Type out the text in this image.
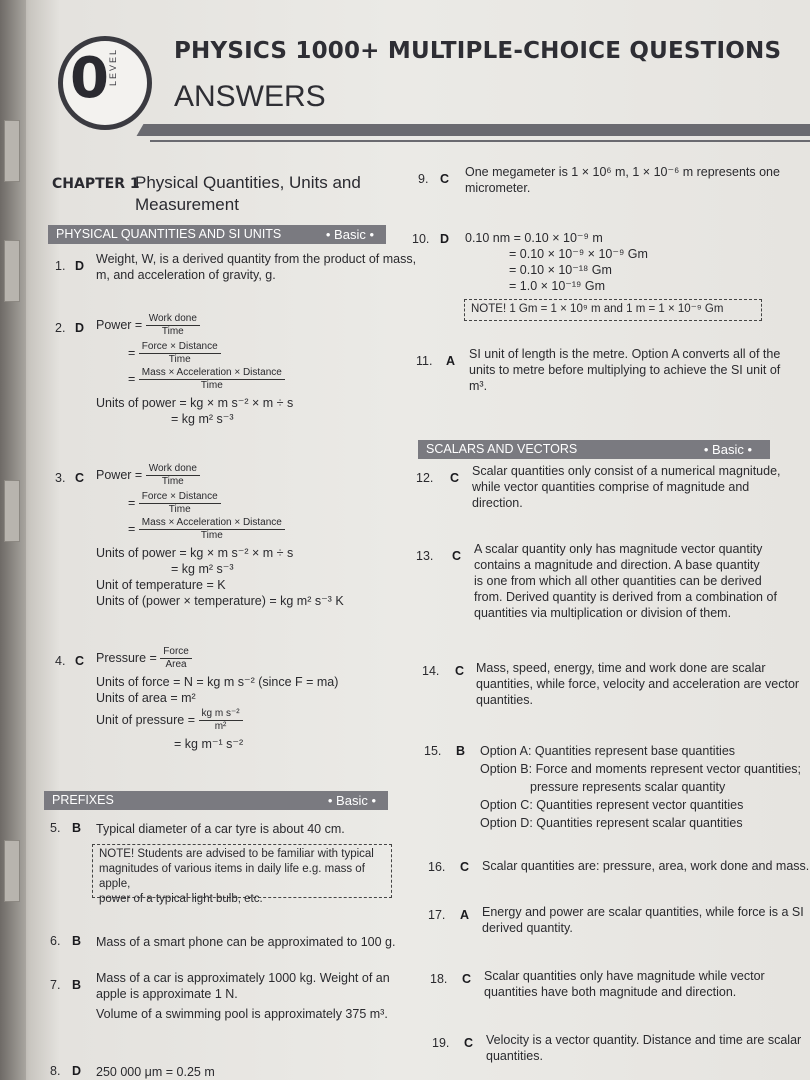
0 LEVEL PHYSICS 1000+ MULTIPLE-CHOICE QUESTIONS
ANSWERS
CHAPTER 1
Physical Quantities, Units and
Measurement
PHYSICAL QUANTITIES AND SI UNITS	• Basic •
1. D Weight, W, is a derived quantity from the product of mass,
m, and acceleration of gravity, g.
2. D Power = $\frac{\text{Work done}}{\text{Time}}$
= $\frac{\text{Force × Distance}}{\text{Time}}$
= $\frac{\text{Mass × Acceleration × Distance}}{\text{Time}}$
Units of power = kg × m s⁻² × m ÷ s
= kg m² s⁻³
3. C Power = $\frac{\text{Work done}}{\text{Time}}$
= $\frac{\text{Force × Distance}}{\text{Time}}$
= $\frac{\text{Mass × Acceleration × Distance}}{\text{Time}}$
Units of power = kg × m s⁻² × m ÷ s
= kg m² s⁻³
Unit of temperature = K
Units of (power × temperature) = kg m² s⁻³ K
4. C Pressure = $\frac{\text{Force}}{\text{Area}}$
Units of force = N = kg m s⁻² (since F = ma)
Units of area = m²
Unit of pressure = $\frac{\text{kg m s⁻²}}{\text{m²}}$
= kg m⁻¹ s⁻²
PREFIXES	• Basic •
5. B Typical diameter of a car tyre is about 40 cm.
NOTE! Students are advised to be familiar with typical
magnitudes of various items in daily life e.g. mass of apple,
power of a typical light bulb, etc.
6. B Mass of a smart phone can be approximated to 100 g.
7. B Mass of a car is approximately 1000 kg. Weight of an
apple is approximate 1 N.
Volume of a swimming pool is approximately 375 m³.
8. D 250 000 μm = 0.25 m
9. C One megameter is 1 × 10⁶ m, 1 × 10⁻⁶ m represents one
micrometer.
10. D 0.10 nm = 0.10 × 10⁻⁹ m
= 0.10 × 10⁻⁹ × 10⁻⁹ Gm
= 0.10 × 10⁻¹⁸ Gm
= 1.0 × 10⁻¹⁹ Gm
NOTE! 1 Gm = 1 × 10⁹ m and 1 m = 1 × 10⁻⁹ Gm
11. A SI unit of length is the metre. Option A converts all of the
units to metre before multiplying to achieve the SI unit of
m³.
SCALARS AND VECTORS	• Basic •
12. C Scalar quantities only consist of a numerical magnitude,
while vector quantities comprise of magnitude and
direction.
13. C A scalar quantity only has magnitude vector quantity
contains a magnitude and direction. A base quantity
is one from which all other quantities can be derived
from. Derived quantity is derived from a combination of
quantities via multiplication or division of them.
14. C Mass, speed, energy, time and work done are scalar
quantities, while force, velocity and acceleration are vector
quantities.
15. B Option A: Quantities represent base quantities
Option B: Force and moments represent vector quantities;
pressure represents scalar quantity
Option C: Quantities represent vector quantities
Option D: Quantities represent scalar quantities
16. C Scalar quantities are: pressure, area, work done and mass.
17. A Energy and power are scalar quantities, while force is a SI
derived quantity.
18. C Scalar quantities only have magnitude while vector
quantities have both magnitude and direction.
19. C Velocity is a vector quantity. Distance and time are scalar
quantities.
